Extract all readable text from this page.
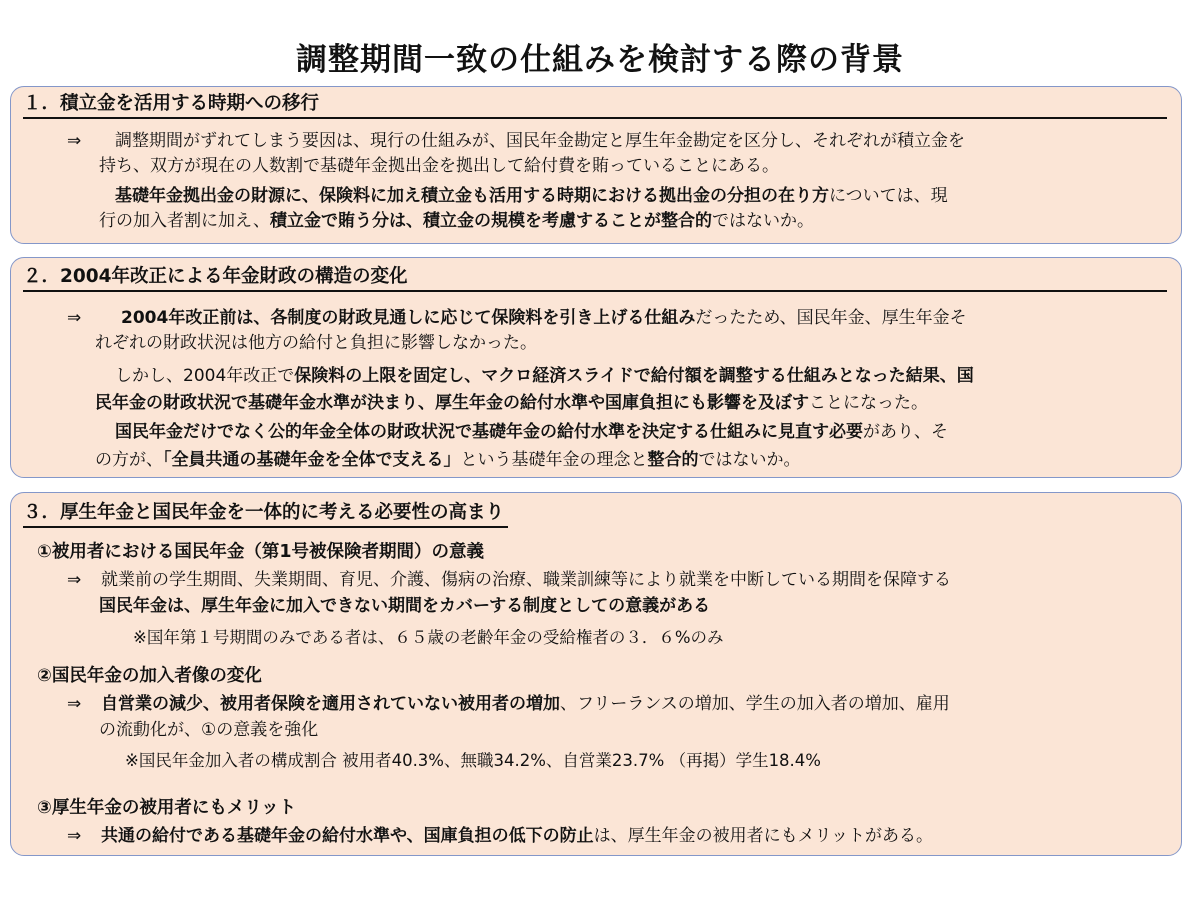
調整期間一致の仕組みを検討する際の背景
１．積立金を活用する時期への移行

⇒ 調整期間がずれてしまう要因は、現行の仕組みが、国民年金勘定と厚生年金勘定を区分し、それぞれが積立金を

持ち、双方が現在の人数割で基礎年金拠出金を拠出して給付費を賄っていることにある。

基礎年金拠出金の財源に、保険料に加え積立金も活用する時期における拠出金の分担の在り方については、現

行の加入者割に加え、積立金で賄う分は、積立金の規模を考慮することが整合的ではないか。

２．2004年改正による年金財政の構造の変化

⇒ 2004年改正前は、各制度の財政見通しに応じて保険料を引き上げる仕組みだったため、国民年金、厚生年金そ

れぞれの財政状況は他方の給付と負担に影響しなかった。

しかし、2004年改正で保険料の上限を固定し、マクロ経済スライドで給付額を調整する仕組みとなった結果、国

民年金の財政状況で基礎年金水準が決まり、厚生年金の給付水準や国庫負担にも影響を及ぼすことになった。

国民年金だけでなく公的年金全体の財政状況で基礎年金の給付水準を決定する仕組みに見直す必要があり、そ

の方が、「全員共通の基礎年金を全体で支える」という基礎年金の理念と整合的ではないか。

３．厚生年金と国民年金を一体的に考える必要性の高まり
①被用者における国民年金（第1号被保険者期間）の意義

⇒ 就業前の学生期間、失業期間、育児、介護、傷病の治療、職業訓練等により就業を中断している期間を保障する

国民年金は、厚生年金に加入できない期間をカバーする制度としての意義がある

※国年第１号期間のみである者は、６５歳の老齢年金の受給権者の３．６%のみ
②国民年金の加入者像の変化

⇒ 自営業の減少、被用者保険を適用されていない被用者の増加、フリーランスの増加、学生の加入者の増加、雇用

の流動化が、①の意義を強化

※国民年金加入者の構成割合 被用者40.3%、無職34.2%、自営業23.7% （再掲）学生18.4%
③厚生年金の被用者にもメリット

⇒ 共通の給付である基礎年金の給付水準や、国庫負担の低下の防止は、厚生年金の被用者にもメリットがある。
